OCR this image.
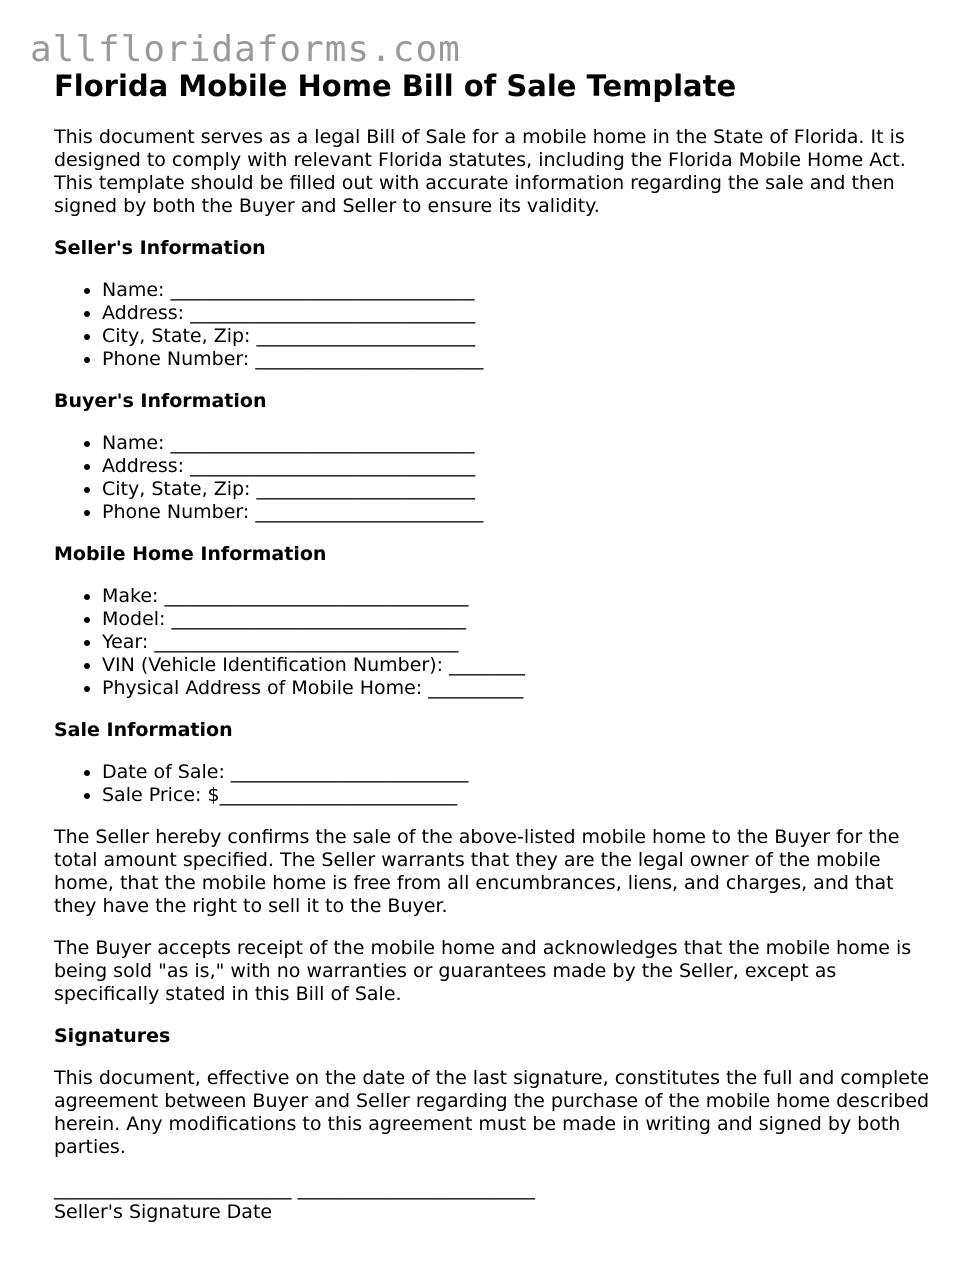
allfloridaforms.com
Florida Mobile Home Bill of Sale Template

This document serves as a legal Bill of Sale for a mobile home in the State of Florida. It is designed to comply with relevant Florida statutes, including the Florida Mobile Home Act. This template should be filled out with accurate information regarding the sale and then signed by both the Buyer and Seller to ensure its validity.

Seller's Information
• Name: ________________________________
• Address: ______________________________
• City, State, Zip: _______________________
• Phone Number: ________________________
Buyer's Information
• Name: ________________________________
• Address: ______________________________
• City, State, Zip: _______________________
• Phone Number: ________________________
Mobile Home Information
• Make: ________________________________
• Model: _______________________________
• Year: ________________________________
• VIN (Vehicle Identification Number): ________
• Physical Address of Mobile Home: __________
Sale Information
• Date of Sale: _________________________
• Sale Price: $_________________________

The Seller hereby confirms the sale of the above-listed mobile home to the Buyer for the total amount specified. The Seller warrants that they are the legal owner of the mobile home, that the mobile home is free from all encumbrances, liens, and charges, and that they have the right to sell it to the Buyer.

The Buyer accepts receipt of the mobile home and acknowledges that the mobile home is being sold "as is," with no warranties or guarantees made by the Seller, except as specifically stated in this Bill of Sale.

Signatures

This document, effective on the date of the last signature, constitutes the full and complete agreement between Buyer and Seller regarding the purchase of the mobile home described herein. Any modifications to this agreement must be made in writing and signed by both parties.

_________________________ _________________________
Seller's Signature Date
